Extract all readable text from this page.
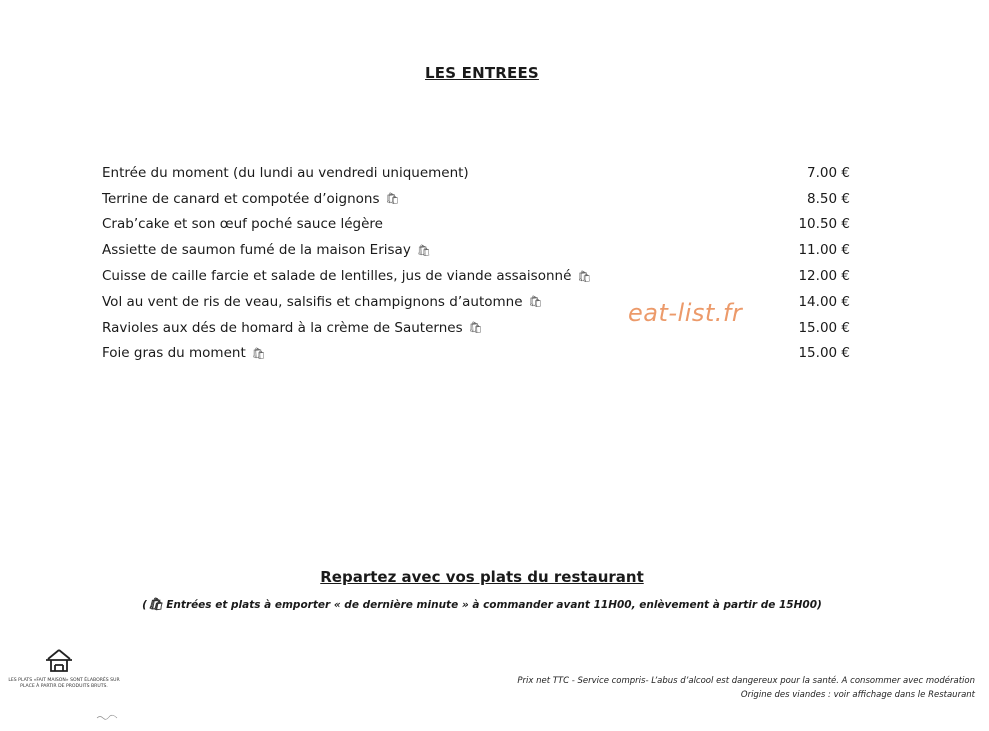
LES ENTREES
Entrée du moment (du lundi au vendredi uniquement)	7.00 €
Terrine de canard et compotée d’oignons 🛍	8.50 €
Crab’cake et son œuf poché sauce légère	10.50 €
Assiette de saumon fumé de la maison Erisay 🛍	11.00 €
Cuisse de caille farcie et salade de lentilles, jus de viande assaisonné 🛍	12.00 €
Vol au vent de ris de veau, salsifis et champignons d’automne 🛍	14.00 €
Ravioles aux dés de homard à la crème de Sauternes 🛍	15.00 €
Foie gras du moment 🛍	15.00 €
eat-list.fr
Repartez avec vos plats du restaurant
(🛍 Entrées et plats à emporter « de dernière minute » à commander avant 11H00, enlèvement à partir de 15H00)
LES PLATS «FAIT MAISON» SONT ÉLABORÉS SUR PLACE À PARTIR DE PRODUITS BRUTS.
Prix net TTC - Service compris- L’abus d’alcool est dangereux pour la santé. A consommer avec modération
Origine des viandes : voir affichage dans le Restaurant
